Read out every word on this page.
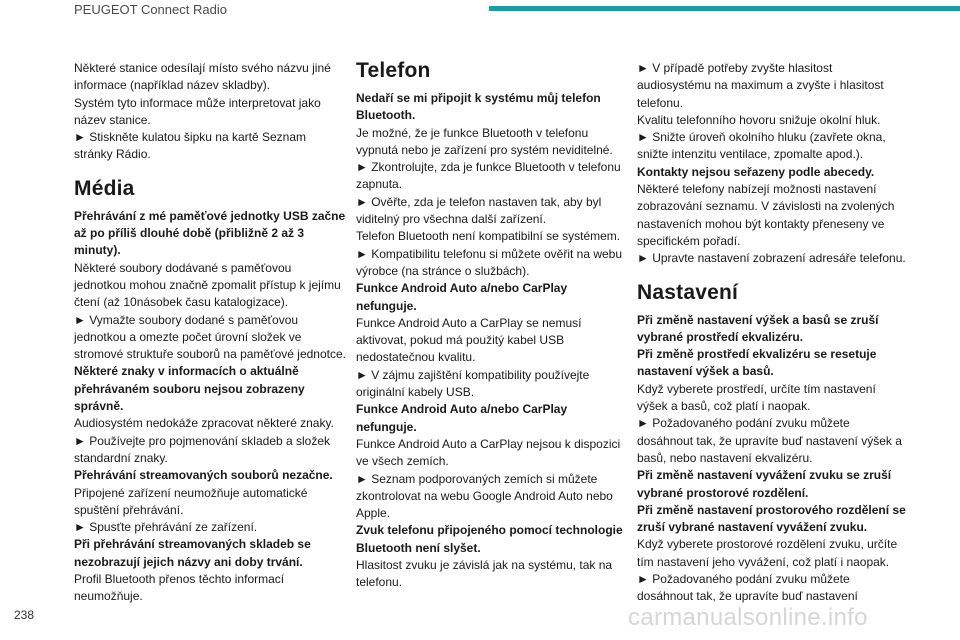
PEUGEOT Connect Radio

Některé stanice odesílají místo svého názvu jiné informace (například název skladby).

Systém tyto informace může interpretovat jako název stanice.

► Stiskněte kulatou šipku na kartě Seznam stránky Rádio.

Média

Přehrávání z mé paměťové jednotky USB začne až po příliš dlouhé době (přibližně 2 až 3 minuty).

Některé soubory dodávané s paměťovou jednotkou mohou značně zpomalit přístup k jejímu čtení (až 10násobek času katalogizace).

► Vymažte soubory dodané s paměťovou jednotkou a omezte počet úrovní složek ve stromové struktuře souborů na paměťové jednotce.

Některé znaky v informacích o aktuálně přehrávaném souboru nejsou zobrazeny správně.

Audiosystém nedokáže zpracovat některé znaky.

► Používejte pro pojmenování skladeb a složek standardní znaky.

Přehrávání streamovaných souborů nezačne.

Připojené zařízení neumožňuje automatické spuštění přehrávání.

► Spusťte přehrávání ze zařízení.

Při přehrávání streamovaných skladeb se nezobrazují jejich názvy ani doby trvání.

Profil Bluetooth přenos těchto informací neumožňuje.

Telefon

Nedaří se mi připojit k systému můj telefon Bluetooth.

Je možné, že je funkce Bluetooth v telefonu vypnutá nebo je zařízení pro systém neviditelné.

► Zkontrolujte, zda je funkce Bluetooth v telefonu zapnuta.

► Ověřte, zda je telefon nastaven tak, aby byl viditelný pro všechna další zařízení.

Telefon Bluetooth není kompatibilní se systémem.

► Kompatibilitu telefonu si můžete ověřit na webu výrobce (na stránce o službách).

Funkce Android Auto a/nebo CarPlay nefunguje.

Funkce Android Auto a CarPlay se nemusí aktivovat, pokud má použitý kabel USB nedostatečnou kvalitu.

► V zájmu zajištění kompatibility používejte originální kabely USB.

Funkce Android Auto a/nebo CarPlay nefunguje.

Funkce Android Auto a CarPlay nejsou k dispozici ve všech zemích.

► Seznam podporovaných zemích si můžete zkontrolovat na webu Google Android Auto nebo Apple.

Zvuk telefonu připojeného pomocí technologie Bluetooth není slyšet.

Hlasitost zvuku je závislá jak na systému, tak na telefonu.

► V případě potřeby zvyšte hlasitost audiosystému na maximum a zvyšte i hlasitost telefonu.

Kvalitu telefonního hovoru snižuje okolní hluk.

► Snižte úroveň okolního hluku (zavřete okna, snižte intenzitu ventilace, zpomalte apod.).

Kontakty nejsou seřazeny podle abecedy.

Některé telefony nabízejí možnosti nastavení zobrazování seznamu. V závislosti na zvolených nastaveních mohou být kontakty přeneseny ve specifickém pořadí.

► Upravte nastavení zobrazení adresáře telefonu.

Nastavení

Při změně nastavení výšek a basů se zruší vybrané prostředí ekvalizéru.

Při změně prostředí ekvalizéru se resetuje nastavení výšek a basů.

Když vyberete prostředí, určíte tím nastavení výšek a basů, což platí i naopak.

► Požadovaného podání zvuku můžete dosáhnout tak, že upravíte buď nastavení výšek a basů, nebo nastavení ekvalizéru.

Při změně nastavení vyvážení zvuku se zruší vybrané prostorové rozdělení.

Při změně nastavení prostorového rozdělení se zruší vybrané nastavení vyvážení zvuku.

Když vyberete prostorové rozdělení zvuku, určíte tím nastavení jeho vyvážení, což platí i naopak.

► Požadovaného podání zvuku můžete dosáhnout tak, že upravíte buď nastavení

238	carmanualsonline.info
